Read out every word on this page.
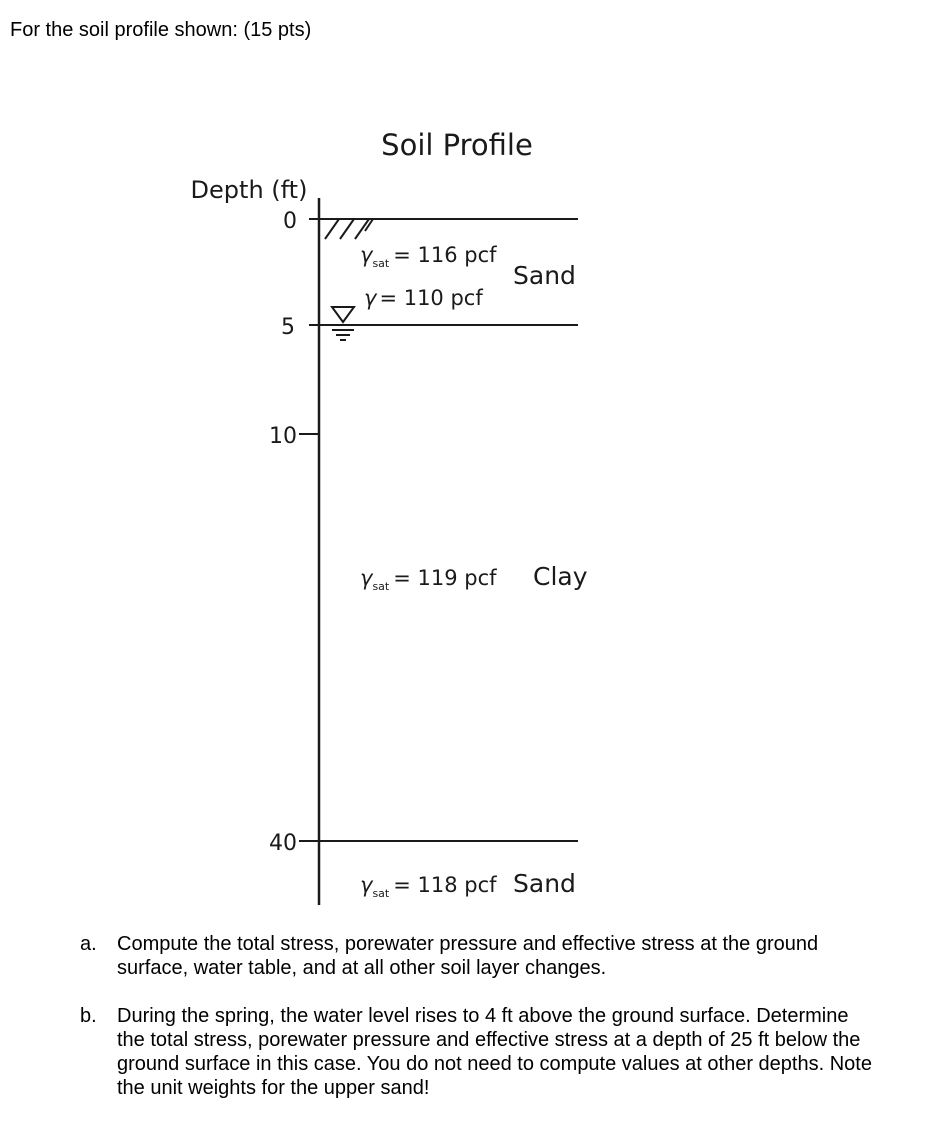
For the soil profile shown: (15 pts)
Soil Profile
Depth (ft)
0
5
10
40
$\gamma_{sat} = 116$ pcf
γ = 110 pcf
Sand
$\gamma_{sat} = 119$ pcf Clay
$\gamma_{sat} = 118$ pcf Sand
a.	Compute the total stress, porewater pressure and effective stress at the ground surface, water table, and at all other soil layer changes.
b.	During the spring, the water level rises to 4 ft above the ground surface. Determine the total stress, porewater pressure and effective stress at a depth of 25 ft below the ground surface in this case. You do not need to compute values at other depths. Note the unit weights for the upper sand!
